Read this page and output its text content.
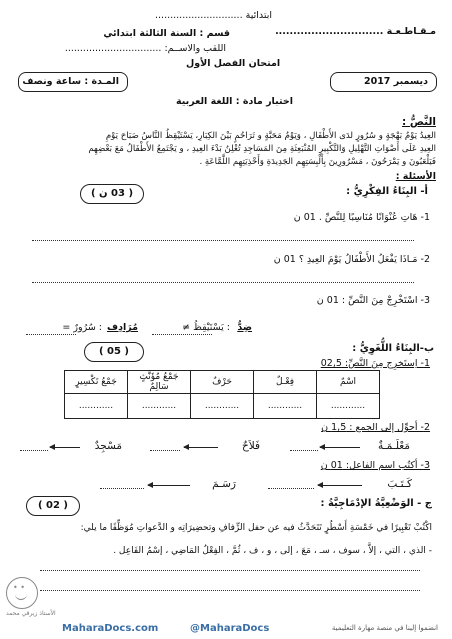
ابتدائية .............................
مـقـاطـعـة ..............................
قسم : السنة الثالثة ابتدائي
اللقب والاســم: ................................
امتحان الفصل الأول
ديسمبر 2017
المـدة : ساعة ونصف
اختبار مادة : اللغة العربية
النَّصُّ :
العِيدُ يَوْمُ بَهْجَةٍ و سُرُورٍ لدَى الأَطْفَالِ ، وَيَوْمُ مَحَبَّةٍ و تَرَاحُمٍ بَيْنَ الكِبَارِ، يَسْتَيْقِظُ النَّاسُ صَبَاحَ يَوْمِ
العِيدِ عَلَى أَصْوَاتِ التَّهْلِيلِ وَالتَّكْبِيرِ المُنْبَعِثَةِ مِنَ المَسَاجِدِ تُعْلِنُ بَدْءَ العِيدِ ، و يَجْتَمِعُ الأَطْفَالُ مَعَ بَعْضِهِم
فَيَلْعَبُونَ و يَمْرَحُونَ ، مَسْرُورِينَ بِأَلْبِسَتِهِم الجَدِيدَةِ وَأَحْذِيَتِهِم اللَّمَّاعَةِ .
الأسئلة :
أ- البِنَاءُ الفِكْرِيُّ :
( 03 ن )
1- هَاتِ عُنْوَانًا مُنَاسِبًا لِلنَّصِّ . 01 ن
2- مَـاذَا يَفْعَلُ الأَطْفَالُ يَوْمَ العِيدِ ؟ 01 ن
3- اسْتَخْرِجْ مِنَ النَّصِّ : 01 ن
ضِدُّ
: يَسْتَيْقِظُ ≠
مُرَادِف
: سُرُورٌ =
ب-البِنَاءُ اللُّغَوِيُّ :
( 05 )
1- اِستَخرِج مِنَ النَّصِّ: 02,5
اسْمٌ	فِعْـلٌ	حَرْفٌ	جَمْعُ مُؤَنَّثٍ سَالِمٌ	جَمْعُ تَكْسِيرٍ
............	............	............	............	............
2- أحوِّل إلى الجمع : 1,5 ن
مَعْلَـمَـةٌ
فَلاَحٌ
مَسْجِدٌ
3- أكتُب اسم الفاعل: 01 ن
كَـتَـبَ
رَسَـمَ
ج - الوَضْعِيَّةُ الإدْمَاجِيَّةُ :
( 02 )
اكْتُبْ تَعْبِيرًا في خَمْسَةِ أَسْطُرٍ تَتَحَدَّثُ فيه عن حفل الزِّفافِ وتحضِيرَاتِه و الدَّعواتِ مُوَظِّفًا ما يلي:
- الذي ، التي ، إلاَّ ، سوف ، سـ ، مَعَ ، إلى ، و ، ف ، ثُمَّ ، الفِعْلُ المَاضِي ، إسْمُ الفَاعِل .
• •
الأستاذ زيرقي محمد
MaharaDocs.com	@MaharaDocs	انضموا إلينا في منصة مهارة التعليمية
